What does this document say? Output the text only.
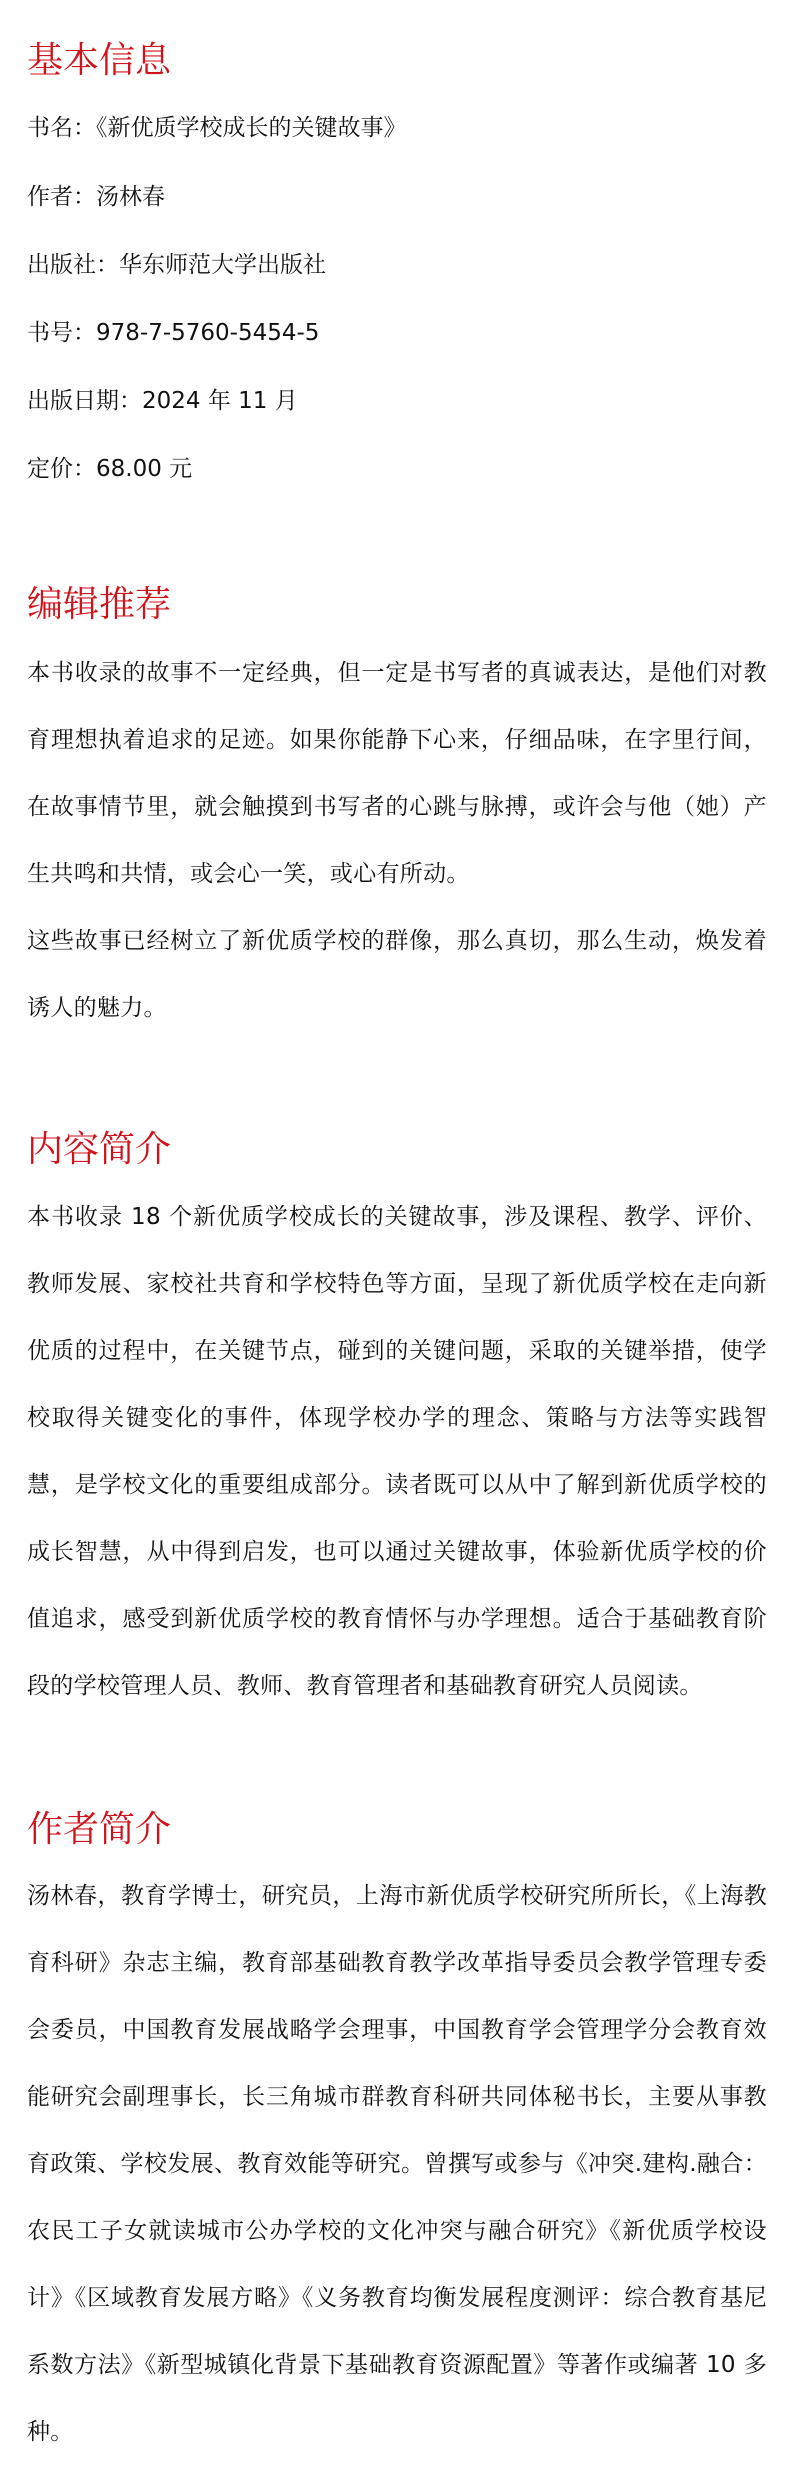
基本信息

书名：《新优质学校成长的关键故事》

作者：汤林春

出版社：华东师范大学出版社

书号：978-7-5760-5454-5

出版日期：2024 年 11 月

定价：68.00 元

编辑推荐

本书收录的故事不一定经典，但一定是书写者的真诚表达，是他们对教育理想执着追求的足迹。如果你能静下心来，仔细品味，在字里行间，在故事情节里，就会触摸到书写者的心跳与脉搏，或许会与他（她）产生共鸣和共情，或会心一笑，或心有所动。

这些故事已经树立了新优质学校的群像，那么真切，那么生动，焕发着诱人的魅力。

内容简介

本书收录 18 个新优质学校成长的关键故事，涉及课程、教学、评价、教师发展、家校社共育和学校特色等方面，呈现了新优质学校在走向新优质的过程中，在关键节点，碰到的关键问题，采取的关键举措，使学校取得关键变化的事件，体现学校办学的理念、策略与方法等实践智慧，是学校文化的重要组成部分。读者既可以从中了解到新优质学校的成长智慧，从中得到启发，也可以通过关键故事，体验新优质学校的价值追求，感受到新优质学校的教育情怀与办学理想。适合于基础教育阶段的学校管理人员、教师、教育管理者和基础教育研究人员阅读。

作者简介

汤林春，教育学博士，研究员，上海市新优质学校研究所所长，《上海教育科研》杂志主编，教育部基础教育教学改革指导委员会教学管理专委会委员，中国教育发展战略学会理事，中国教育学会管理学分会教育效能研究会副理事长，长三角城市群教育科研共同体秘书长，主要从事教育政策、学校发展、教育效能等研究。曾撰写或参与《冲突.建构.融合：农民工子女就读城市公办学校的文化冲突与融合研究》《新优质学校设计》《区域教育发展方略》《义务教育均衡发展程度测评：综合教育基尼系数方法》《新型城镇化背景下基础教育资源配置》等著作或编著 10 多种。
